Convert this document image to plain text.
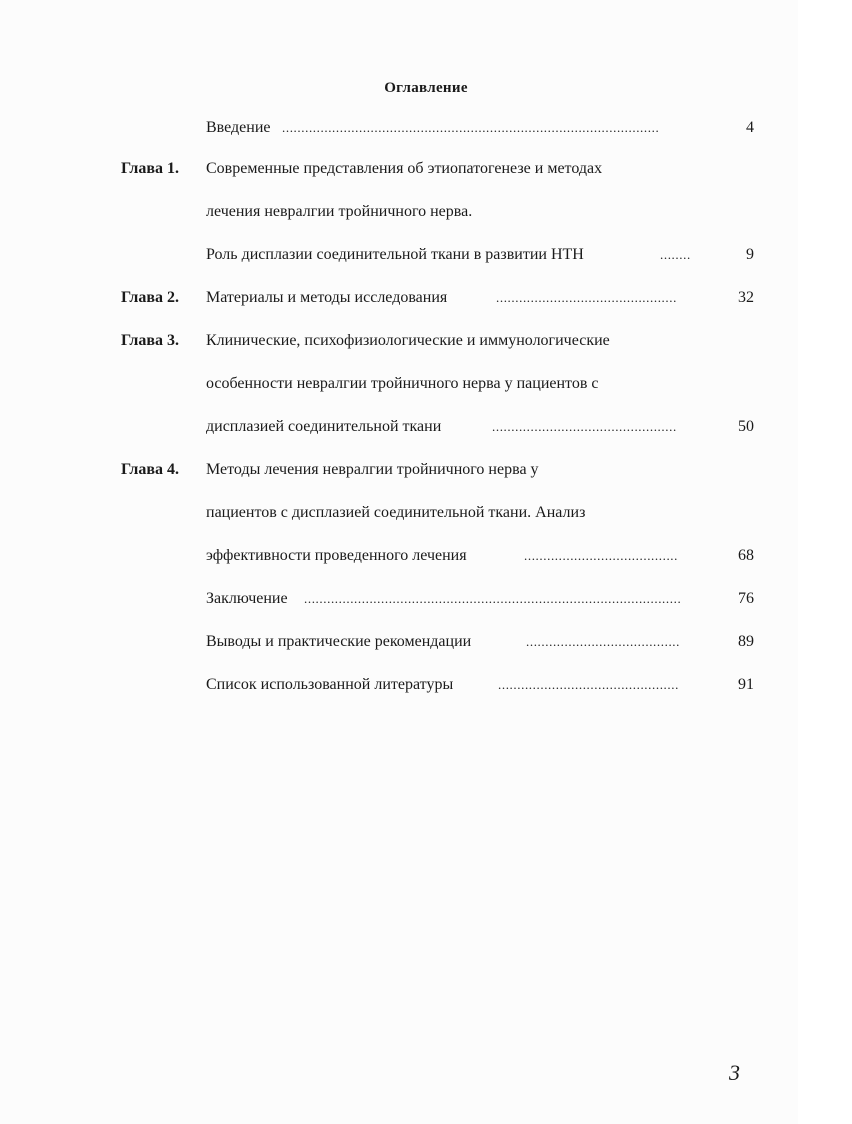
Оглавление
Введение ..................................................................................................	4
Глава 1. Современные представления об этиопатогенезе и методах
лечения невралгии тройничного нерва.
Роль дисплазии соединительной ткани в развитии НТН	........	9
Глава 2. Материалы и методы исследования	...............................................	32
Глава 3. Клинические, психофизиологические и иммунологические
особенности невралгии тройничного нерва у пациентов с
дисплазией соединительной ткани	................................................	50
Глава 4. Методы лечения невралгии тройничного нерва у
пациентов с дисплазией соединительной ткани. Анализ
эффективности проведенного лечения	........................................	68
Заключение ..................................................................................................	76
Выводы и практические рекомендации	........................................	89
Список использованной литературы	...............................................	91
3
